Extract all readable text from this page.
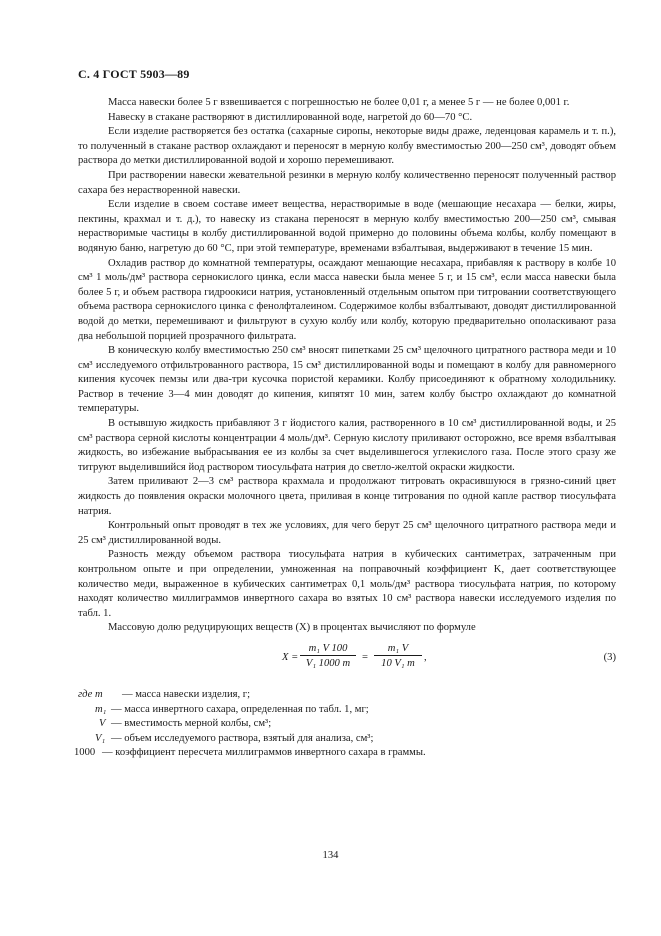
С. 4 ГОСТ 5903—89

Масса навески более 5 г взвешивается с погрешностью не более 0,01 г, а менее 5 г — не более 0,001 г.

Навеску в стакане растворяют в дистиллированной воде, нагретой до 60—70 °С.

Если изделие растворяется без остатка (сахарные сиропы, некоторые виды драже, леденцовая карамель и т. п.), то полученный в стакане раствор охлаждают и переносят в мерную колбу вместимостью 200—250 см³, доводят объем раствора до метки дистиллированной водой и хорошо перемешивают.

При растворении навески жевательной резинки в мерную колбу количественно переносят полученный раствор сахара без нерастворенной навески.

Если изделие в своем составе имеет вещества, нерастворимые в воде (мешающие несахара — белки, жиры, пектины, крахмал и т. д.), то навеску из стакана переносят в мерную колбу вместимостью 200—250 см³, смывая нерастворимые частицы в колбу дистиллированной водой примерно до половины объема колбы, колбу помещают в водяную баню, нагретую до 60 °С, при этой температуре, временами взбалтывая, выдерживают в течение 15 мин.

Охладив раствор до комнатной температуры, осаждают мешающие несахара, прибавляя к раствору в колбе 10 см³ 1 моль/дм³ раствора сернокислого цинка, если масса навески была менее 5 г, и 15 см³, если масса навески была более 5 г, и объем раствора гидроокиси натрия, установленный отдельным опытом при титровании соответствующего объема раствора сернокислого цинка с фенолфталеином. Содержимое колбы взбалтывают, доводят дистиллированной водой до метки, перемешивают и фильтруют в сухую колбу или колбу, которую предварительно ополаскивают раза два небольшой порцией прозрачного фильтрата.

В коническую колбу вместимостью 250 см³ вносят пипетками 25 см³ щелочного цитратного раствора меди и 10 см³ исследуемого отфильтрованного раствора, 15 см³ дистиллированной воды и помещают в колбу для равномерного кипения кусочек пемзы или два-три кусочка пористой керамики. Колбу присоединяют к обратному холодильнику. Раствор в течение 3—4 мин доводят до кипения, кипятят 10 мин, затем колбу быстро охлаждают до комнатной температуры.

В остывшую жидкость прибавляют 3 г йодистого калия, растворенного в 10 см³ дистиллированной воды, и 25 см³ раствора серной кислоты концентрации 4 моль/дм³. Серную кислоту приливают осторожно, все время взбалтывая жидкость, во избежание выбрасывания ее из колбы за счет выделившегося углекислого газа. После этого сразу же титруют выделившийся йод раствором тиосульфата натрия до светло-желтой окраски жидкости.

Затем приливают 2—3 см³ раствора крахмала и продолжают титровать окрасившуюся в грязно-синий цвет жидкость до появления окраски молочного цвета, приливая в конце титрования по одной капле раствор тиосульфата натрия.

Контрольный опыт проводят в тех же условиях, для чего берут 25 см³ щелочного цитратного раствора меди и 25 см³ дистиллированной воды.

Разность между объемом раствора тиосульфата натрия в кубических сантиметрах, затраченным при контрольном опыте и при определении, умноженная на поправочный коэффициент K, дает соответствующее количество меди, выраженное в кубических сантиметрах 0,1 моль/дм³ раствора тиосульфата натрия, по которому находят количество миллиграммов инвертного сахара во взятых 10 см³ раствора навески исследуемого изделия по табл. 1.

Массовую долю редуцирующих веществ (X) в процентах вычисляют по формуле

$X = \frac{\text{m₁ V 100}}{\text{V₁ 1000 m}} = \frac{\text{m₁ V}}{\text{10 V₁ m}}$ ,	(3)
где m — масса навески изделия, г;
m₁ — масса инвертного сахара, определенная по табл. 1, мг;
V — вместимость мерной колбы, см³;
V₁ — объем исследуемого раствора, взятый для анализа, см³;
1000 — коэффициент пересчета миллиграммов инвертного сахара в граммы.
134
